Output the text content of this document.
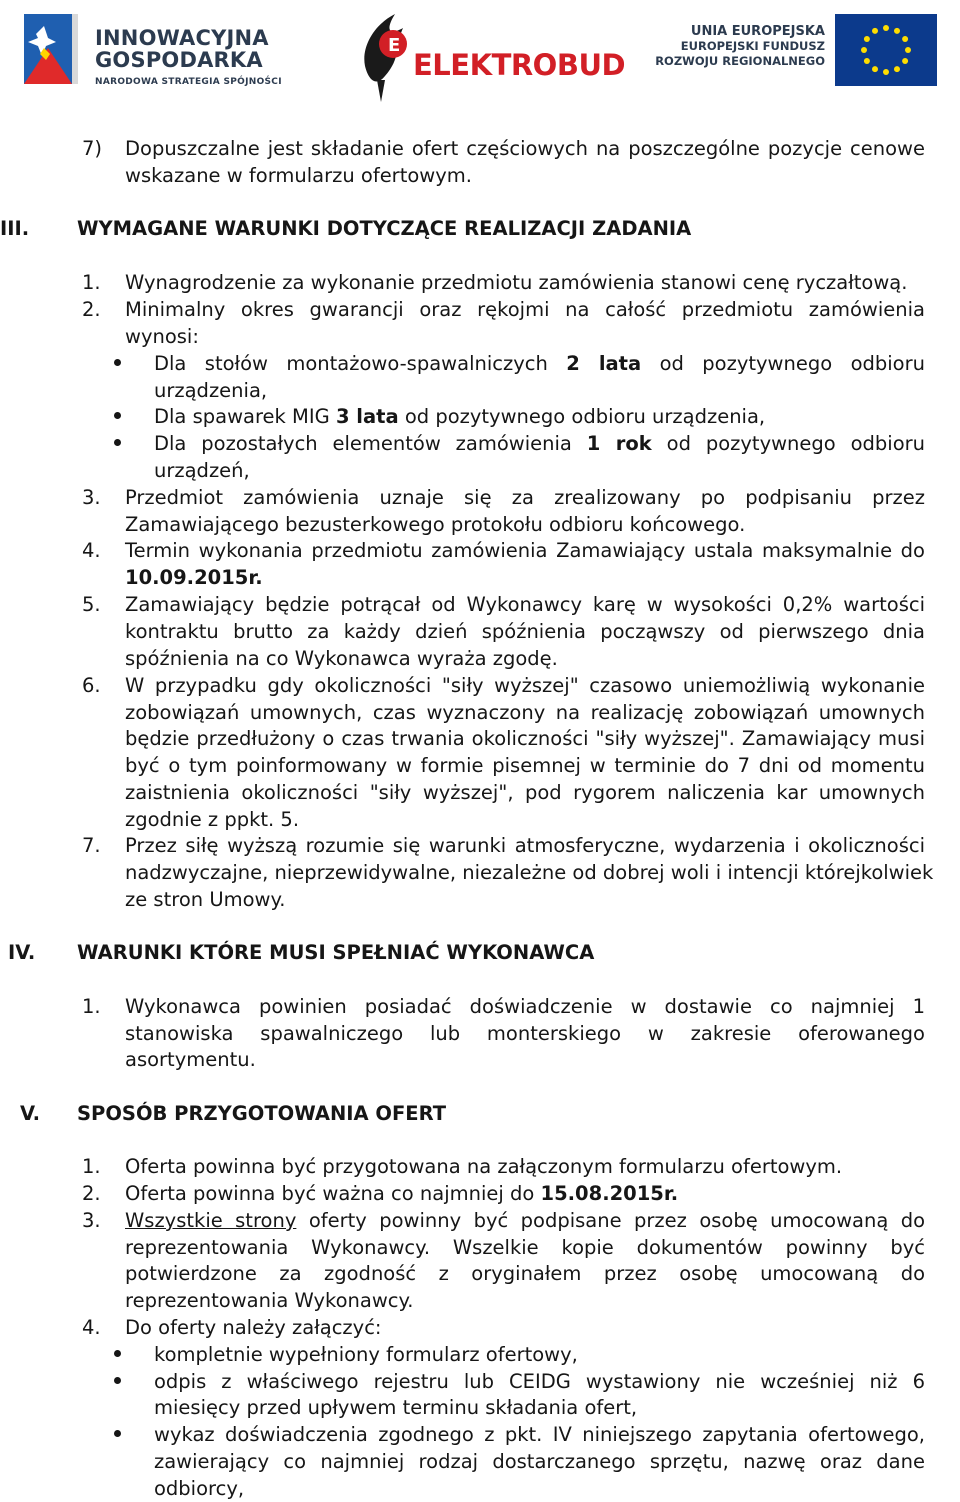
INNOWACYJNA
GOSPODARKA
NARODOWA STRATEGIA SPÓJNOŚCI
E
ELEKTROBUD
UNIA EUROPEJSKA
EUROPEJSKI FUNDUSZ
ROZWOJU REGIONALNEGO
7) Dopuszczalne jest składanie ofert częściowych na poszczególne pozycje cenowe
wskazane w formularzu ofertowym.
III. WYMAGANE WARUNKI DOTYCZĄCE REALIZACJI ZADANIA
1. Wynagrodzenie za wykonanie przedmiotu zamówienia stanowi cenę ryczałtową.
2. Minimalny okres gwarancji oraz rękojmi na całość przedmiotu zamówienia
wynosi:
Dla stołów montażowo-spawalniczych 2 lata od pozytywnego odbioru
urządzenia,
Dla spawarek MIG 3 lata od pozytywnego odbioru urządzenia,
Dla pozostałych elementów zamówienia 1 rok od pozytywnego odbioru
urządzeń,
3. Przedmiot zamówienia uznaje się za zrealizowany po podpisaniu przez
Zamawiającego bezusterkowego protokołu odbioru końcowego.
4. Termin wykonania przedmiotu zamówienia Zamawiający ustala maksymalnie do
10.09.2015r.
5. Zamawiający będzie potrącał od Wykonawcy karę w wysokości 0,2% wartości
kontraktu brutto za każdy dzień spóźnienia począwszy od pierwszego dnia
spóźnienia na co Wykonawca wyraża zgodę.
6. W przypadku gdy okoliczności "siły wyższej" czasowo uniemożliwią wykonanie
zobowiązań umownych, czas wyznaczony na realizację zobowiązań umownych
będzie przedłużony o czas trwania okoliczności "siły wyższej". Zamawiający musi
być o tym poinformowany w formie pisemnej w terminie do 7 dni od momentu
zaistnienia okoliczności "siły wyższej", pod rygorem naliczenia kar umownych
zgodnie z ppkt. 5.
7. Przez siłę wyższą rozumie się warunki atmosferyczne, wydarzenia i okoliczności
nadzwyczajne, nieprzewidywalne, niezależne od dobrej woli i intencji którejkolwiek
ze stron Umowy.
IV. WARUNKI KTÓRE MUSI SPEŁNIAĆ WYKONAWCA
1. Wykonawca powinien posiadać doświadczenie w dostawie co najmniej 1
stanowiska spawalniczego lub monterskiego w zakresie oferowanego
asortymentu.
V. SPOSÓB PRZYGOTOWANIA OFERT
1. Oferta powinna być przygotowana na załączonym formularzu ofertowym.
2. Oferta powinna być ważna co najmniej do 15.08.2015r.
3. Wszystkie strony oferty powinny być podpisane przez osobę umocowaną do
reprezentowania Wykonawcy. Wszelkie kopie dokumentów powinny być
potwierdzone za zgodność z oryginałem przez osobę umocowaną do
reprezentowania Wykonawcy.
4. Do oferty należy załączyć:
kompletnie wypełniony formularz ofertowy,
odpis z właściwego rejestru lub CEIDG wystawiony nie wcześniej niż 6
miesięcy przed upływem terminu składania ofert,
wykaz doświadczenia zgodnego z pkt. IV niniejszego zapytania ofertowego,
zawierający co najmniej rodzaj dostarczanego sprzętu, nazwę oraz dane
odbiorcy,
